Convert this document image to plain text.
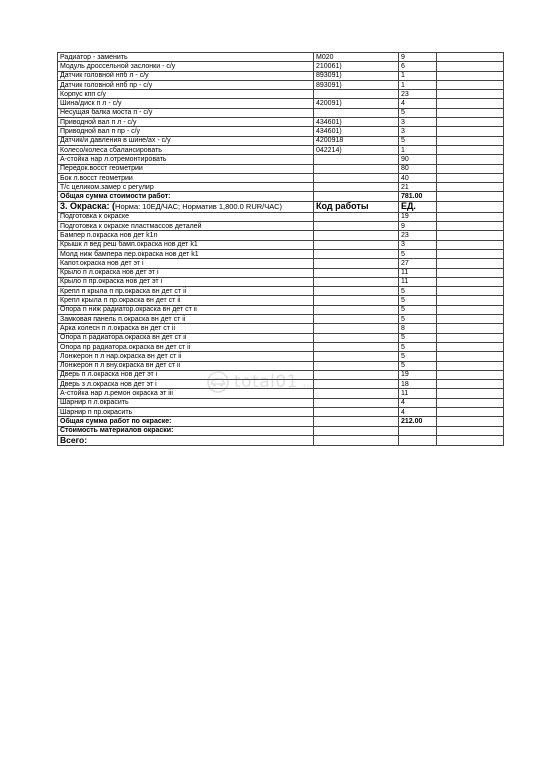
Радиатор - заменить	M020	9	
Модуль дроссельной заслонки - с/у	210061)	6	
Датчик головной нпб л - с/у	893091)	1	
Датчик головной нпб пр - с/у	893091)	1	
Корпус кпп с/у		23	
Шина/диск п л - с/у	420091)	4	
Несущая балка моста п - с/у		5	
Приводной вал п л - с/у	434601)	3	
Приводной вал п пр - с/у	434601)	3	
Датчик/и давления в шине/ах - с/у	4200918	5	
Колесо/колеса сбалансировать	042214)	1	
А-стойка нар л.отремонтировать		90	
Передок.восст геометрии		80	
Бок л.восст геометрии		40	
Т/с целиком.замер с регулир		21	
Общая сумма стоимости работ:		781.00	
3. Окраска: (Норма: 10ЕД/ЧАС; Норматив 1,800.0 RUR/ЧАС)	Код работы	ЕД.	
Подготовка к окраске		19	
Подготовка к окраске пластмассов деталей		9	
Бампер п.окраска нов дет k1n		23	
Крышк л вед реш бамп.окраска нов дет k1		3	
Молд ниж бампера пер.окраска нов дет k1		5	
Капот.окраска нов дет эт i		27	
Крыло п л.окраска нов дет эт i		11	
Крыло п пр.окраска нов дет эт i		11	
Крепл п крыла п пр.окраска вн дет ст ii		5	
Крепл крыла п пр.окраска вн дет ст ii		5	
Опора п ниж радиатор.окраска вн дет ст ii		5	
Замковая панель п.окраска вн дет ст ii		5	
Арка колесн п л.окраска вн дет ст ii		8	
Опора п радиатора.окраска вн дет ст ii		5	
Опора пр радиатора.окраска вн дет ст ii		5	
Лонжерон п л нар.окраска вн дет ст ii		5	
Лонжерон п л вну.окраска вн дет ст ii		5	
Дверь п л.окраска нов дет эт i		19	
Дверь з л.окраска нов дет эт i		18	
А-стойка нар л.ремон окраска эт iii		11	
Шарнир п л.окрасить		4	
Шарнир п пр.окрасить		4	
Общая сумма работ по окраске:		212.00	
Стоимость материалов окраски:			
Всего:			
total01 .ru
